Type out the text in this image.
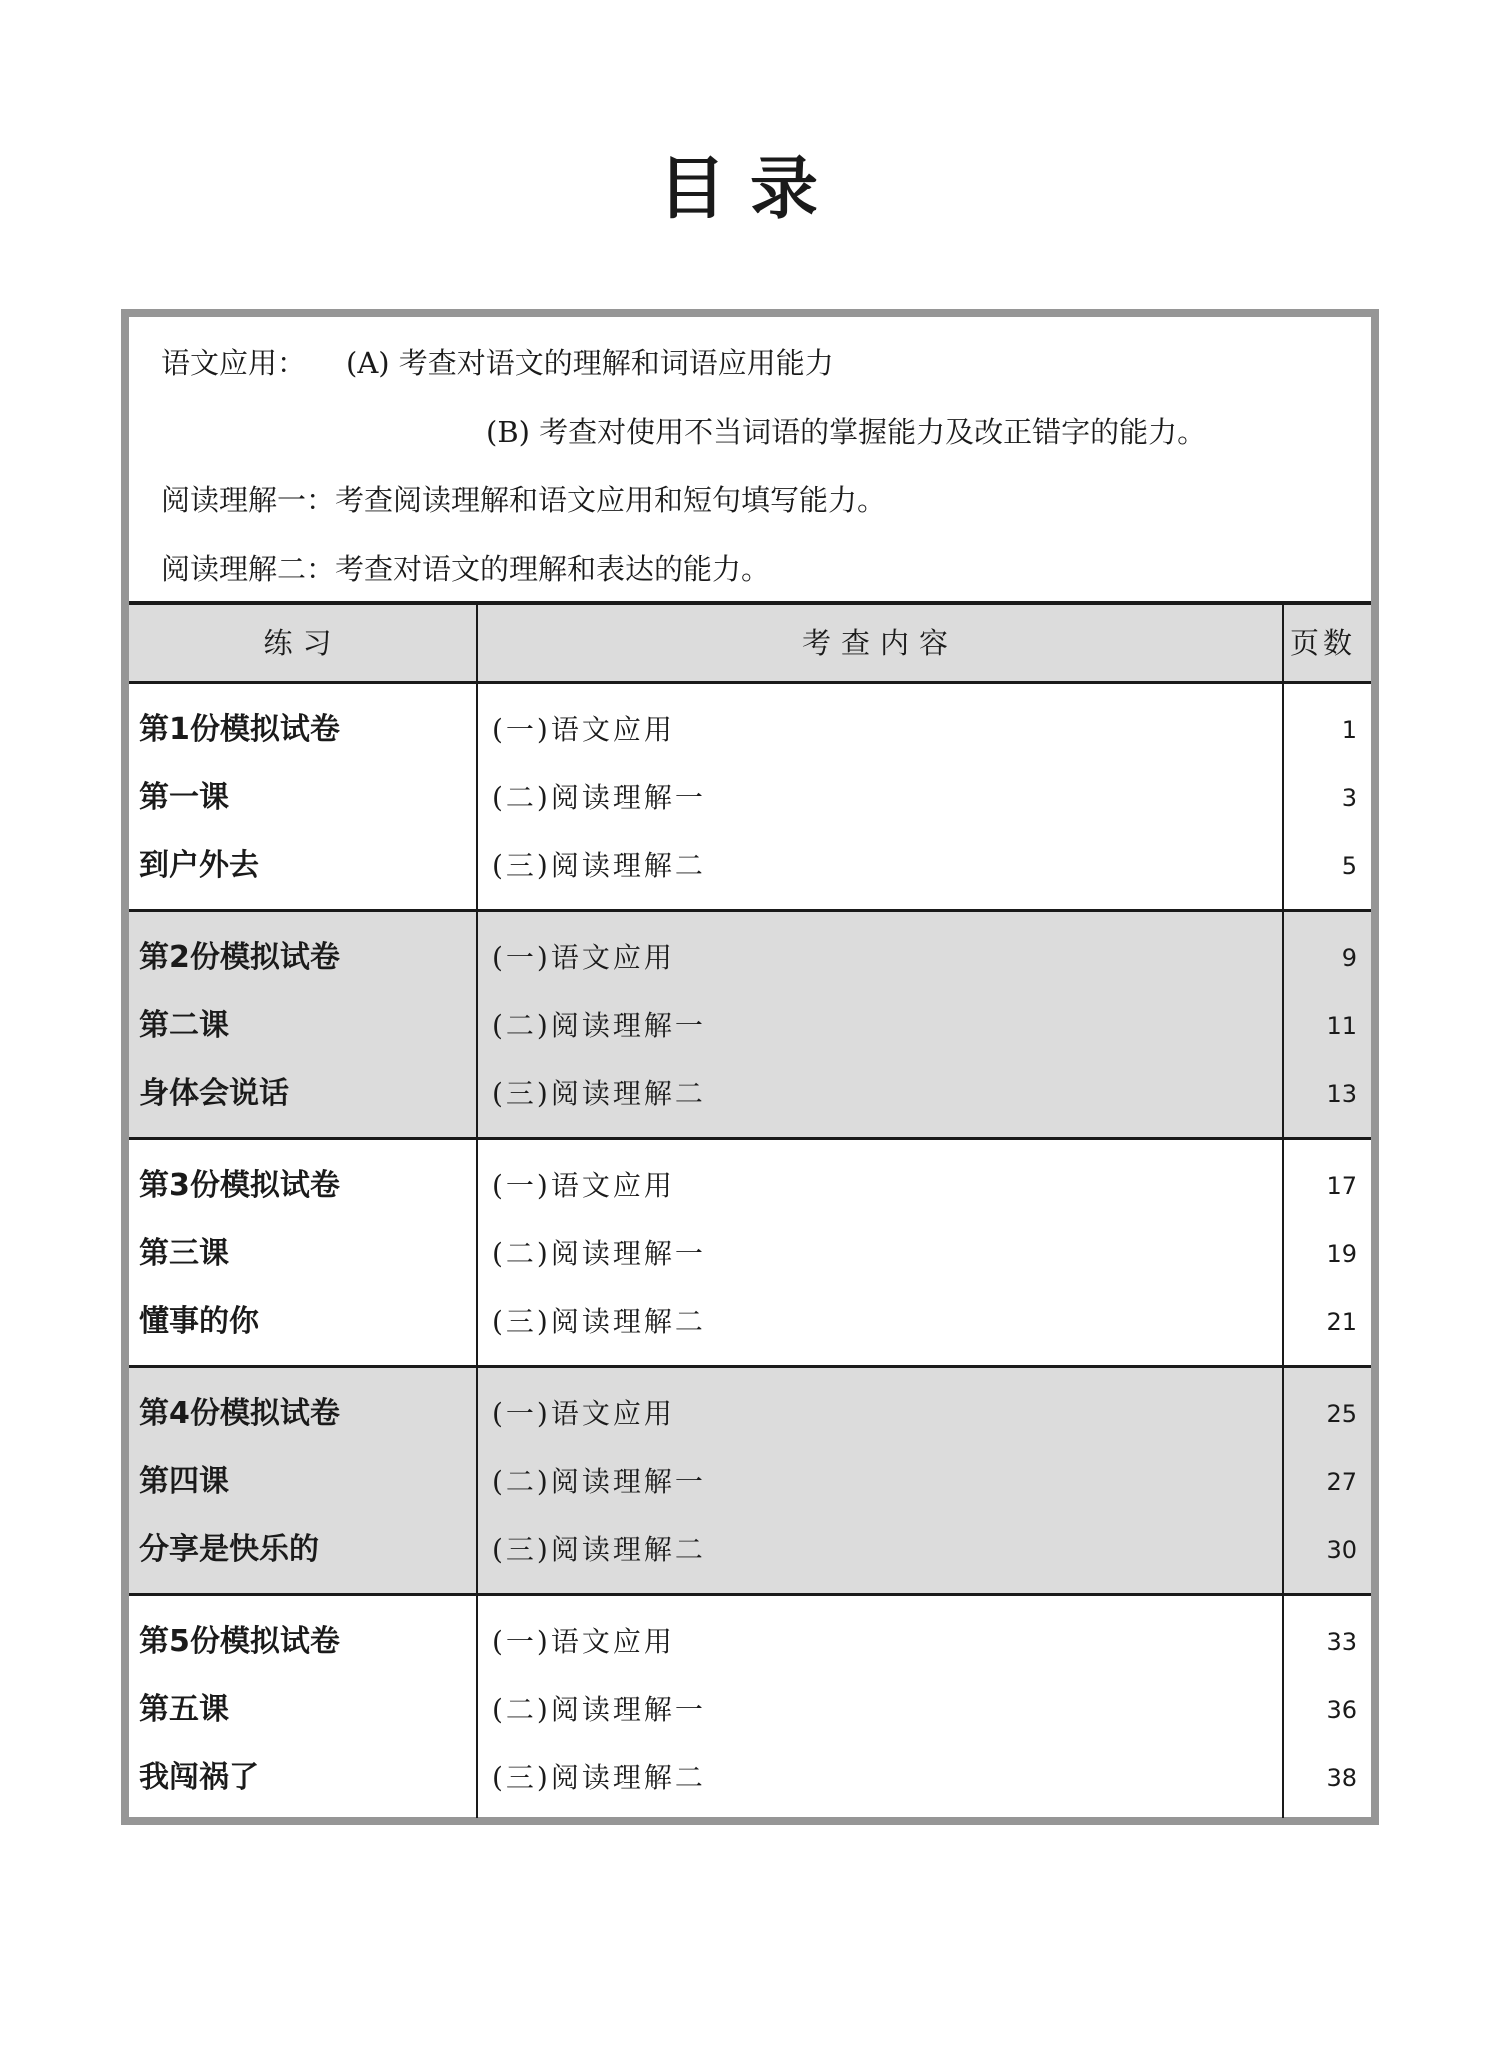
目录
语文应用： (A) 考查对语文的理解和词语应用能力
(B) 考查对使用不当词语的掌握能力及改正错字的能力。
阅读理解一：考查阅读理解和语文应用和短句填写能力。
阅读理解二：考查对语文的理解和表达的能力。
练习	考查内容	页数
第1份模拟试卷
第一课
到户外去
(一)语文应用
(二)阅读理解一
(三)阅读理解二
1
3
5
第2份模拟试卷
第二课
身体会说话
(一)语文应用
(二)阅读理解一
(三)阅读理解二
9
11
13
第3份模拟试卷
第三课
懂事的你
(一)语文应用
(二)阅读理解一
(三)阅读理解二
17
19
21
第4份模拟试卷
第四课
分享是快乐的
(一)语文应用
(二)阅读理解一
(三)阅读理解二
25
27
30
第5份模拟试卷
第五课
我闯祸了
(一)语文应用
(二)阅读理解一
(三)阅读理解二
33
36
38
